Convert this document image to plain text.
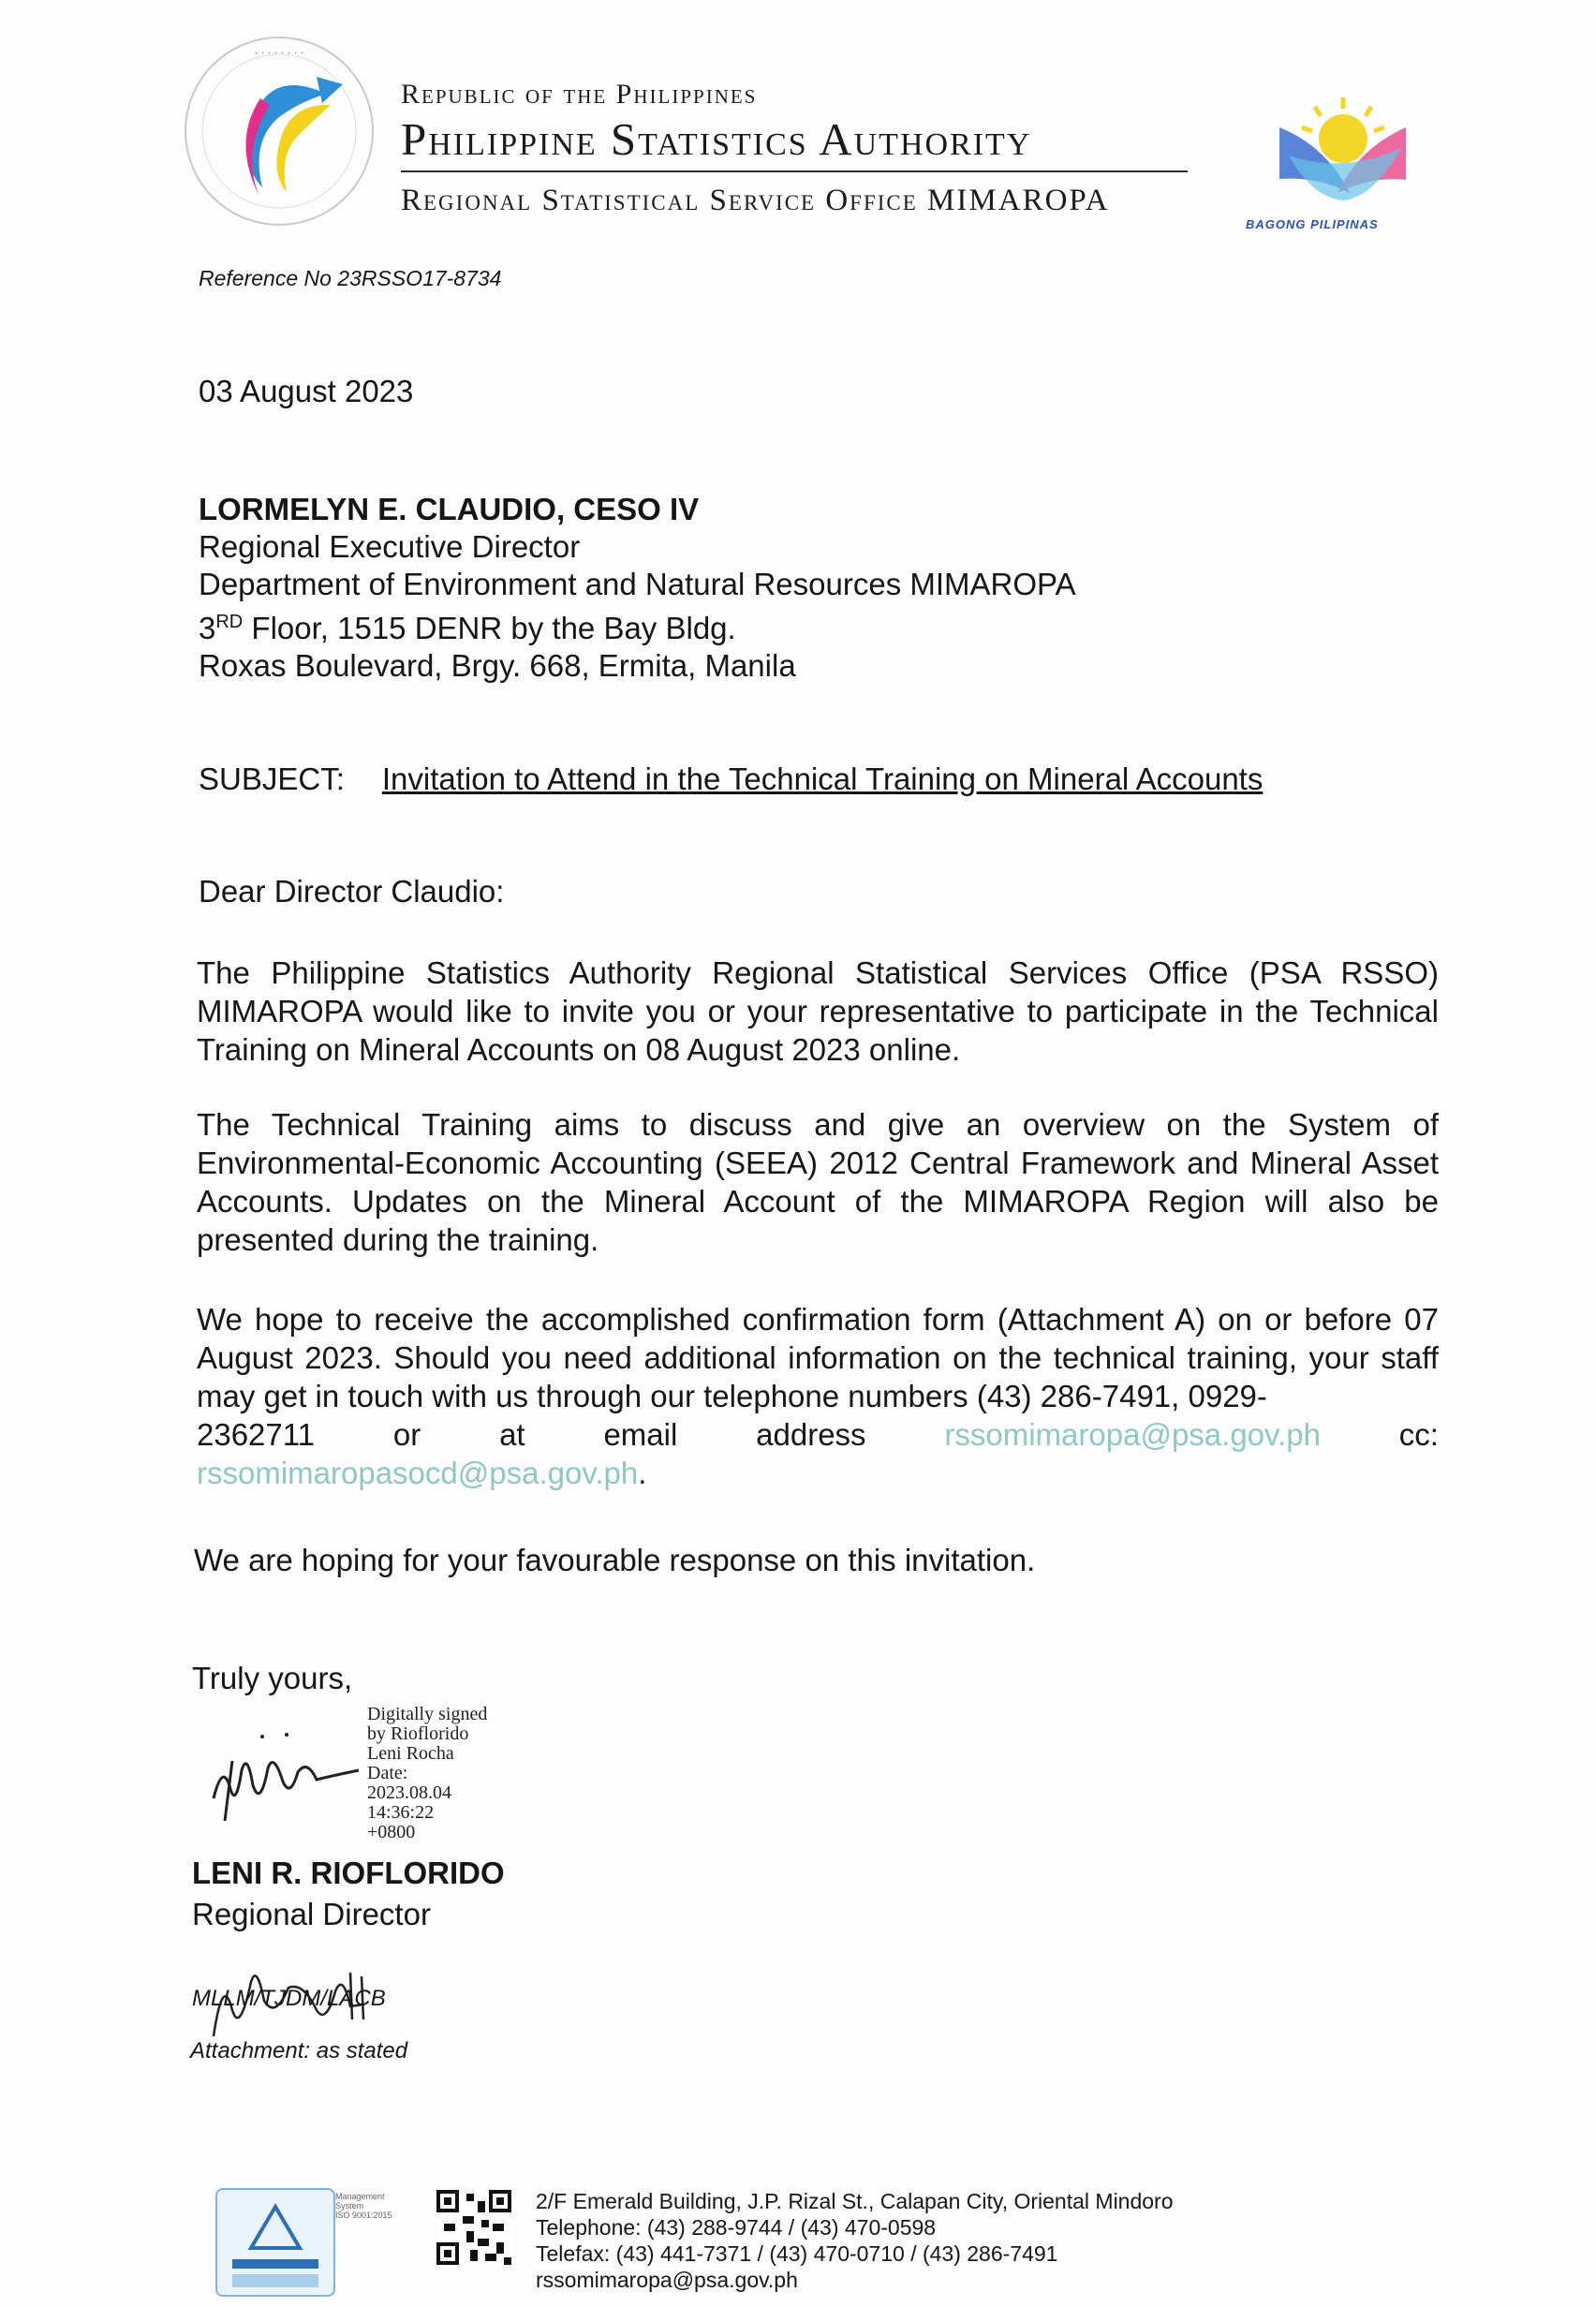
· · · · · · · ·
Republic of the Philippines
Philippine Statistics Authority
Regional Statistical Service Office MIMAROPA
BAGONG PILIPINAS
Reference No 23RSSO17-8734
03 August 2023
LORMELYN E. CLAUDIO, CESO IV
Regional Executive Director
Department of Environment and Natural Resources MIMAROPA
3RD Floor, 1515 DENR by the Bay Bldg.
Roxas Boulevard, Brgy. 668, Ermita, Manila
SUBJECT: Invitation to Attend in the Technical Training on Mineral Accounts
Dear Director Claudio:
The Philippine Statistics Authority Regional Statistical Services Office (PSA RSSO) MIMAROPA would like to invite you or your representative to participate in the Technical Training on Mineral Accounts on 08 August 2023 online.
The Technical Training aims to discuss and give an overview on the System of Environmental-Economic Accounting (SEEA) 2012 Central Framework and Mineral Asset Accounts. Updates on the Mineral Account of the MIMAROPA Region will also be presented during the training.
We hope to receive the accomplished confirmation form (Attachment A) on or before 07 August 2023. Should you need additional information on the technical training, your staff may get in touch with us through our telephone numbers (43) 286-7491, 0929-
2362711	or	at	email	address	rssomimaropa@psa.gov.ph	cc:
rssomimaropasocd@psa.gov.ph.
We are hoping for your favourable response on this invitation.
Truly yours,
Digitally signed
by Rioflorido
Leni Rocha
Date:
2023.08.04
14:36:22
+0800
LENI R. RIOFLORIDO
Regional Director
MLLM/TJDM/LACB
Attachment: as stated
Management
System
ISO 9001:2015
2/F Emerald Building, J.P. Rizal St., Calapan City, Oriental Mindoro
Telephone: (43) 288-9744 / (43) 470-0598
Telefax: (43) 441-7371 / (43) 470-0710 / (43) 286-7491
rssomimaropa@psa.gov.ph
